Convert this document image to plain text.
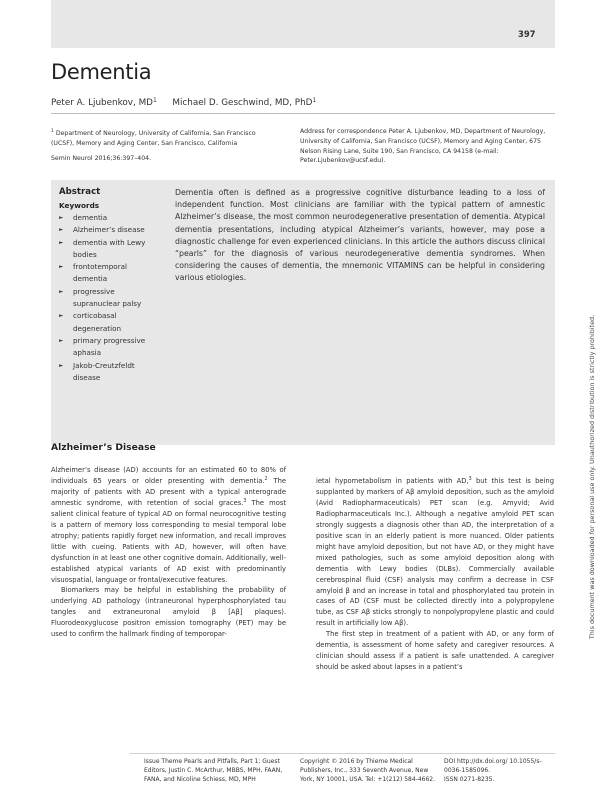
397
Dementia
Peter A. Ljubenkov, $MD^1$ Michael D. Geschwind, MD, PhD$^1$
$^1$ Department of Neurology, University of California, San Francisco (UCSF), Memory and Aging Center, San Francisco, California
Semin Neurol 2016;36:397–404.
Address for correspondence Peter A. Ljubenkov, MD, Department of Neurology, University of California, San Francisco (UCSF), Memory and Aging Center, 675 Nelson Rising Lane, Suite 190, San Francisco, CA 94158 (e-mail: Peter.Ljubenkov@ucsf.edu).
Abstract
Keywords
► dementia
► Alzheimer’s disease
► dementia with Lewy bodies
► frontotemporal dementia
► progressive supranuclear palsy
► corticobasal degeneration
► primary progressive aphasia
► Jakob-Creutzfeldt disease

Dementia often is defined as a progressive cognitive disturbance leading to a loss of independent function. Most clinicians are familiar with the typical pattern of amnestic Alzheimer’s disease, the most common neurodegenerative presentation of dementia. Atypical dementia presentations, including atypical Alzheimer’s variants, however, may pose a diagnostic challenge for even experienced clinicians. In this article the authors discuss clinical “pearls” for the diagnosis of various neurodegenerative dementia syndromes. When considering the causes of dementia, the mnemonic VITAMINS can be helpful in considering various etiologies.

Alzheimer’s Disease

Alzheimer’s disease (AD) accounts for an estimated 60 to 80% of individuals 65 years or older presenting with dementia.$^2$ The majority of patients with AD present with a typical anterograde amnestic syndrome, with retention of social graces.$^3$ The most salient clinical feature of typical AD on formal neurocognitive testing is a pattern of memory loss corresponding to mesial temporal lobe atrophy; patients rapidly forget new information, and recall improves little with cueing. Patients with AD, however, will often have dysfunction in at least one other cognitive domain. Additionally, well-established atypical variants of AD exist with predominantly visuospatial, language or frontal/executive features.

Biomarkers may be helpful in establishing the probability of underlying AD pathology (intraneuronal hyperphosphorylated tau tangles and extraneuronal amyloid β [Aβ] plaques). Fluorodeoxyglucose positron emission tomography (PET) may be used to confirm the hallmark finding of temporopar-

ietal hypometabolism in patients with AD,$^3$ but this test is being supplanted by markers of Aβ amyloid deposition, such as the amyloid (Avid Radiopharmaceuticals) PET scan (e.g. Amyvid; Avid Radiopharmaceuticals Inc.). Although a negative amyloid PET scan strongly suggests a diagnosis other than AD, the interpretation of a positive scan in an elderly patient is more nuanced. Older patients might have amyloid deposition, but not have AD, or they might have mixed pathologies, such as some amyloid deposition along with dementia with Lewy bodies (DLBs). Commercially available cerebrospinal fluid (CSF) analysis may confirm a decrease in CSF amyloid β and an increase in total and phosphorylated tau protein in cases of AD (CSF must be collected directly into a polypropylene tube, as CSF Aβ sticks strongly to nonpolypropylene plastic and could result in artificially low Aβ).

The first step in treatment of a patient with AD, or any form of dementia, is assessment of home safety and caregiver resources. A clinician should assess if a patient is safe unattended. A caregiver should be asked about lapses in a patient’s

Issue Theme Pearls and Pitfalls, Part 1; Guest Editors, Justin C. McArthur, MBBS, MPH, FAAN, FANA, and Nicoline Schiess, MD, MPH
Copyright © 2016 by Thieme Medical Publishers, Inc., 333 Seventh Avenue, New York, NY 10001, USA. Tel: +1(212) 584-4662.
DOI http://dx.doi.org/ 10.1055/s-0036-1585096.
ISSN 0271-8235.
This document was downloaded for personal use only. Unauthorized distribution is strictly prohibited.
